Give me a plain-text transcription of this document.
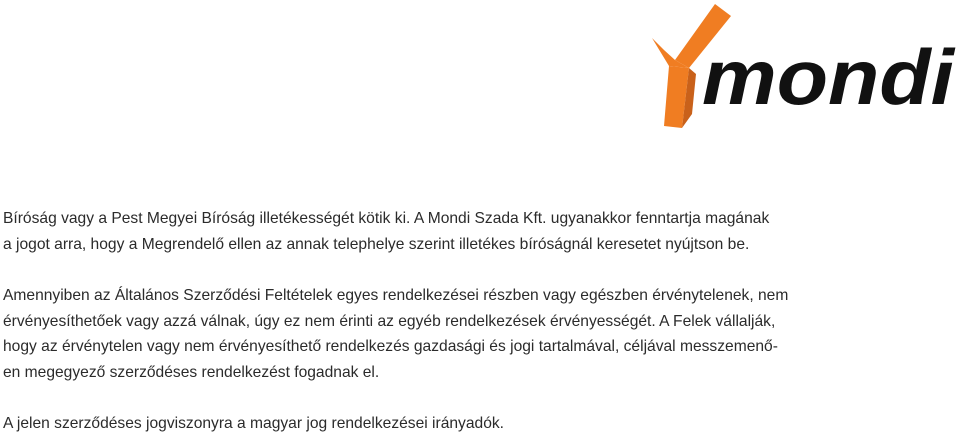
mondi

Bíróság vagy a Pest Megyei Bíróság illetékességét kötik ki. A Mondi Szada Kft. ugyanakkor fenntartja magának
a jogot arra, hogy a Megrendelő ellen az annak telephelye szerint illetékes bíróságnál keresetet nyújtson be.

Amennyiben az Általános Szerződési Feltételek egyes rendelkezései részben vagy egészben érvénytelenek, nem
érvényesíthetőek vagy azzá válnak, úgy ez nem érinti az egyéb rendelkezések érvényességét. A Felek vállalják,
hogy az érvénytelen vagy nem érvényesíthető rendelkezés gazdasági és jogi tartalmával, céljával messzemenő-
en megegyező szerződéses rendelkezést fogadnak el.

A jelen szerződéses jogviszonyra a magyar jog rendelkezései irányadók.
